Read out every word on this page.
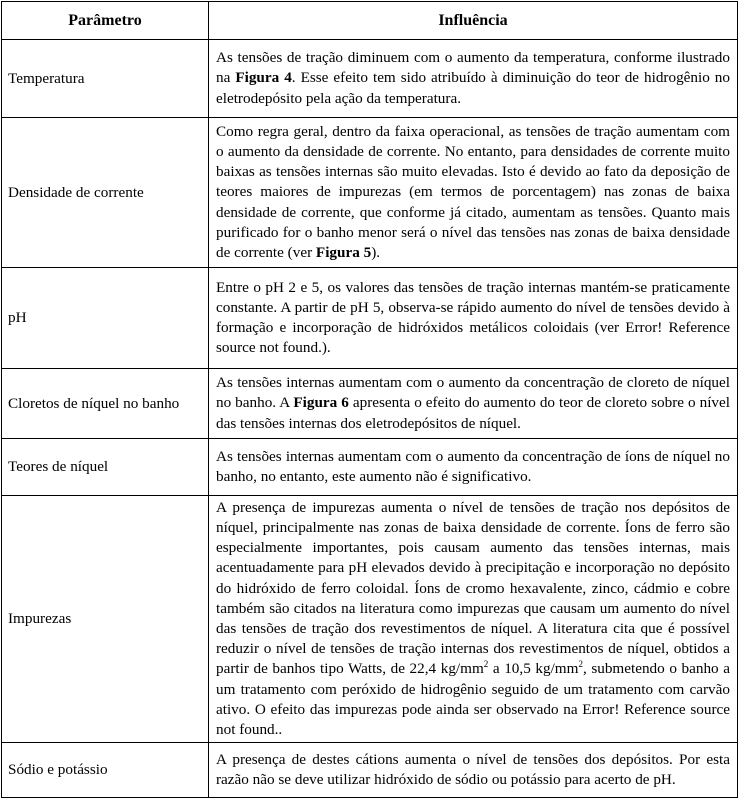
Parâmetro	Influência
Temperatura	As tensões de tração diminuem com o aumento da temperatura, conforme ilustrado na Figura 4. Esse efeito tem sido atribuído à diminuição do teor de hidrogênio no eletrodepósito pela ação da temperatura.

Densidade de corrente	Como regra geral, dentro da faixa operacional, as tensões de tração aumentam com o aumento da densidade de corrente. No entanto, para densidades de corrente muito baixas as tensões internas são muito elevadas. Isto é devido ao fato da deposição de teores maiores de impurezas (em termos de porcentagem) nas zonas de baixa densidade de corrente, que conforme já citado, aumentam as tensões. Quanto mais purificado for o banho menor será o nível das tensões nas zonas de baixa densidade de corrente (ver Figura 5).

pH	Entre o pH 2 e 5, os valores das tensões de tração internas mantém-se praticamente constante. A partir de pH 5, observa-se rápido aumento do nível de tensões devido à formação e incorporação de hidróxidos metálicos coloidais (ver Error! Reference source not found.).

Cloretos de níquel no banho	As tensões internas aumentam com o aumento da concentração de cloreto de níquel no banho. A Figura 6 apresenta o efeito do aumento do teor de cloreto sobre o nível das tensões internas dos eletrodepósitos de níquel.

Teores de níquel	As tensões internas aumentam com o aumento da concentração de íons de níquel no banho, no entanto, este aumento não é significativo.

Impurezas	A presença de impurezas aumenta o nível de tensões de tração nos depósitos de níquel, principalmente nas zonas de baixa densidade de corrente. Íons de ferro são especialmente importantes, pois causam aumento das tensões internas, mais acentuadamente para pH elevados devido à precipitação e incorporação no depósito do hidróxido de ferro coloidal. Íons de cromo hexavalente, zinco, cádmio e cobre também são citados na literatura como impurezas que causam um aumento do nível das tensões de tração dos revestimentos de níquel. A literatura cita que é possível reduzir o nível de tensões de tração internas dos revestimentos de níquel, obtidos a partir de banhos tipo Watts, de 22,4 $kg/mm^2$ a 10,5 $kg/mm^2$, submetendo o banho a um tratamento com peróxido de hidrogênio seguido de um tratamento com carvão ativo. O efeito das impurezas pode ainda ser observado na Error! Reference source not found..

Sódio e potássio	A presença de destes cátions aumenta o nível de tensões dos depósitos. Por esta razão não se deve utilizar hidróxido de sódio ou potássio para acerto de pH.
